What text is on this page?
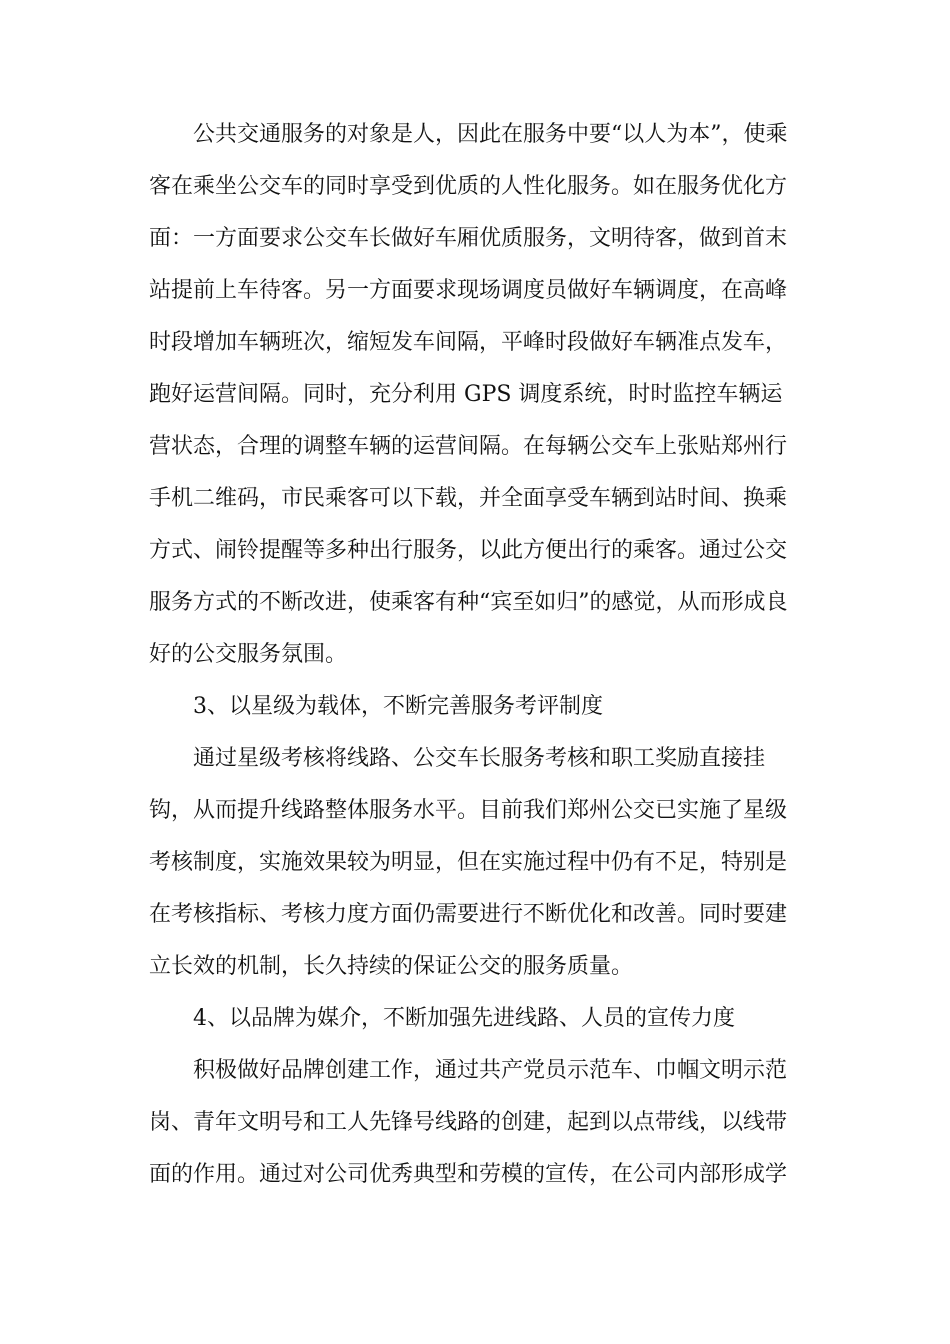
公共交通服务的对象是人，因此在服务中要“以人为本”，使乘
客在乘坐公交车的同时享受到优质的人性化服务。如在服务优化方
面：一方面要求公交车长做好车厢优质服务，文明待客，做到首末
站提前上车待客。另一方面要求现场调度员做好车辆调度，在高峰
时段增加车辆班次，缩短发车间隔，平峰时段做好车辆准点发车，
跑好运营间隔。同时，充分利用 GPS 调度系统，时时监控车辆运
营状态，合理的调整车辆的运营间隔。在每辆公交车上张贴郑州行
手机二维码，市民乘客可以下载，并全面享受车辆到站时间、换乘
方式、闹铃提醒等多种出行服务，以此方便出行的乘客。通过公交
服务方式的不断改进，使乘客有种“宾至如归”的感觉，从而形成良
好的公交服务氛围。
3、以星级为载体，不断完善服务考评制度
通过星级考核将线路、公交车长服务考核和职工奖励直接挂
钩，从而提升线路整体服务水平。目前我们郑州公交已实施了星级
考核制度，实施效果较为明显，但在实施过程中仍有不足，特别是
在考核指标、考核力度方面仍需要进行不断优化和改善。同时要建
立长效的机制，长久持续的保证公交的服务质量。
4、以品牌为媒介，不断加强先进线路、人员的宣传力度
积极做好品牌创建工作，通过共产党员示范车、巾帼文明示范
岗、青年文明号和工人先锋号线路的创建，起到以点带线，以线带
面的作用。通过对公司优秀典型和劳模的宣传，在公司内部形成学
